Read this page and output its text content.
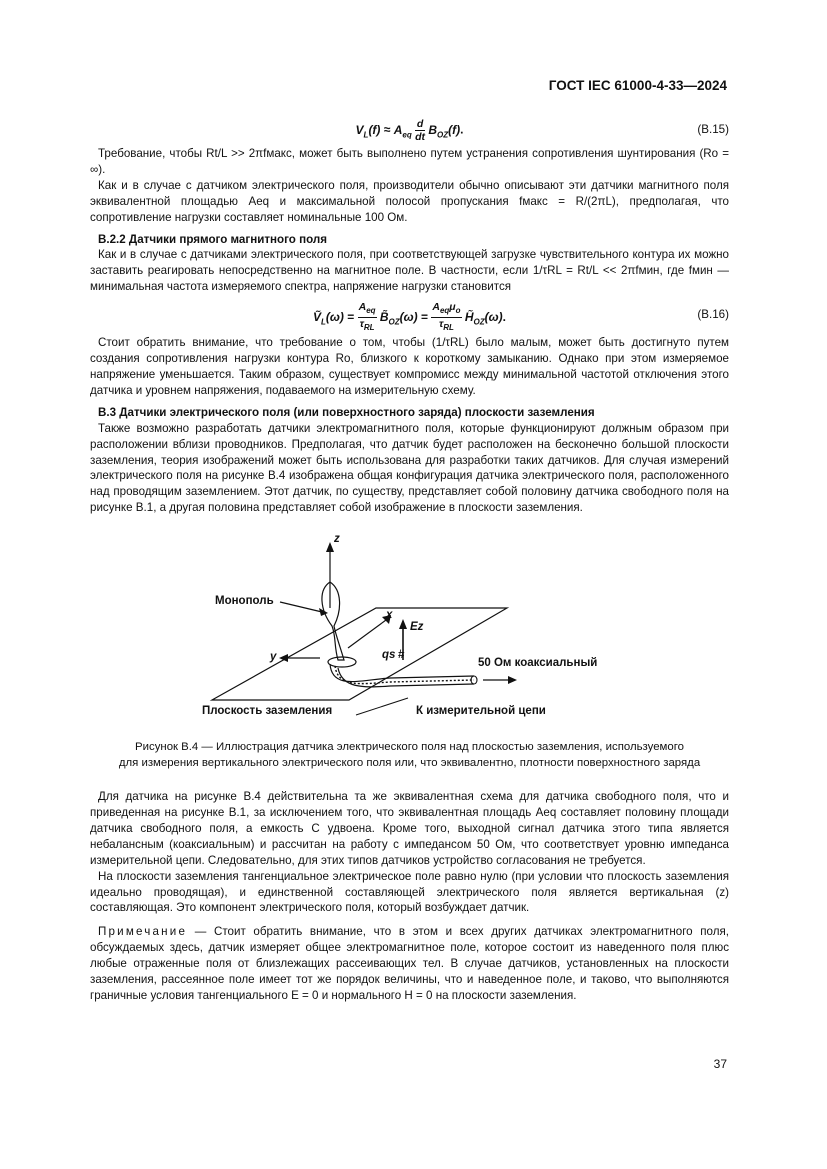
ГОСТ IEC 61000-4-33—2024
$V_L(f) \approx A_{eq} \frac{d}{dt} B_{OZ}(f)$.	(В.15)

Требование, чтобы Rt/L >> 2πfмакс, может быть выполнено путем устранения сопротивления шунтирования (Ro = ∞).

Как и в случае с датчиком электрического поля, производители обычно описывают эти датчики магнитного поля эквивалентной площадью Aeq и максимальной полосой пропускания fмакс = R/(2πL), предполагая, что сопротивление нагрузки составляет номинальные 100 Ом.

В.2.2 Датчики прямого магнитного поля

Как и в случае с датчиками электрического поля, при соответствующей загрузке чувствительного контура их можно заставить реагировать непосредственно на магнитное поле. В частности, если 1/τRL = Rt/L << 2πfмин, где fмин — минимальная частота измеряемого спектра, напряжение нагрузки становится

Ṽ$_L$(ω) = $\frac{A_{eq}}{\tau_{RL}}$ $B̃_{OZ}(\omega) = \frac{A_{eq}\mu_o}{\tau_{RL}}$ $H̃_{OZ}(\omega)$.	(В.16)

Стоит обратить внимание, что требование о том, чтобы (1/τRL) было малым, может быть достигнуто путем создания сопротивления нагрузки контура Ro, близкого к короткому замыканию. Однако при этом измеряемое напряжение уменьшается. Таким образом, существует компромисс между минимальной частотой отключения этого датчика и уровнем напряжения, подаваемого на измерительную схему.

В.3 Датчики электрического поля (или поверхностного заряда) плоскости заземления

Также возможно разработать датчики электромагнитного поля, которые функционируют должным образом при расположении вблизи проводников. Предполагая, что датчик будет расположен на бесконечно большой плоскости заземления, теория изображений может быть использована для разработки таких датчиков. Для случая измерений электрического поля на рисунке В.4 изображена общая конфигурация датчика электрического поля, расположенного над проводящим заземлением. Этот датчик, по существу, представляет собой половину датчика свободного поля на рисунке В.1, а другая половина представляет собой изображение в плоскости заземления.

z
Монополь
x
Ez
y	qs #
50 Ом коаксиальный
Плоскость заземления	К измерительной цепи
Рисунок В.4 — Иллюстрация датчика электрического поля над плоскостью заземления, используемого
для измерения вертикального электрического поля или, что эквивалентно, плотности поверхностного заряда

Для датчика на рисунке В.4 действительна та же эквивалентная схема для датчика свободного поля, что и приведенная на рисунке В.1, за исключением того, что эквивалентная площадь Aeq составляет половину площади датчика свободного поля, а емкость C удвоена. Кроме того, выходной сигнал датчика этого типа является небалансным (коаксиальным) и рассчитан на работу с импедансом 50 Ом, что соответствует уровню импеданса измерительной цепи. Следовательно, для этих типов датчиков устройство согласования не требуется.

На плоскости заземления тангенциальное электрическое поле равно нулю (при условии что плоскость заземления идеально проводящая), и единственной составляющей электрического поля является вертикальная (z) составляющая. Это компонент электрического поля, который возбуждает датчик.

Примечание — Стоит обратить внимание, что в этом и всех других датчиках электромагнитного поля, обсуждаемых здесь, датчик измеряет общее электромагнитное поле, которое состоит из наведенного поля плюс любые отраженные поля от близлежащих рассеивающих тел. В случае датчиков, установленных на плоскости заземления, рассеянное поле имеет тот же порядок величины, что и наведенное поле, и таково, что выполняются граничные условия тангенциального E = 0 и нормального H = 0 на плоскости заземления.

37
